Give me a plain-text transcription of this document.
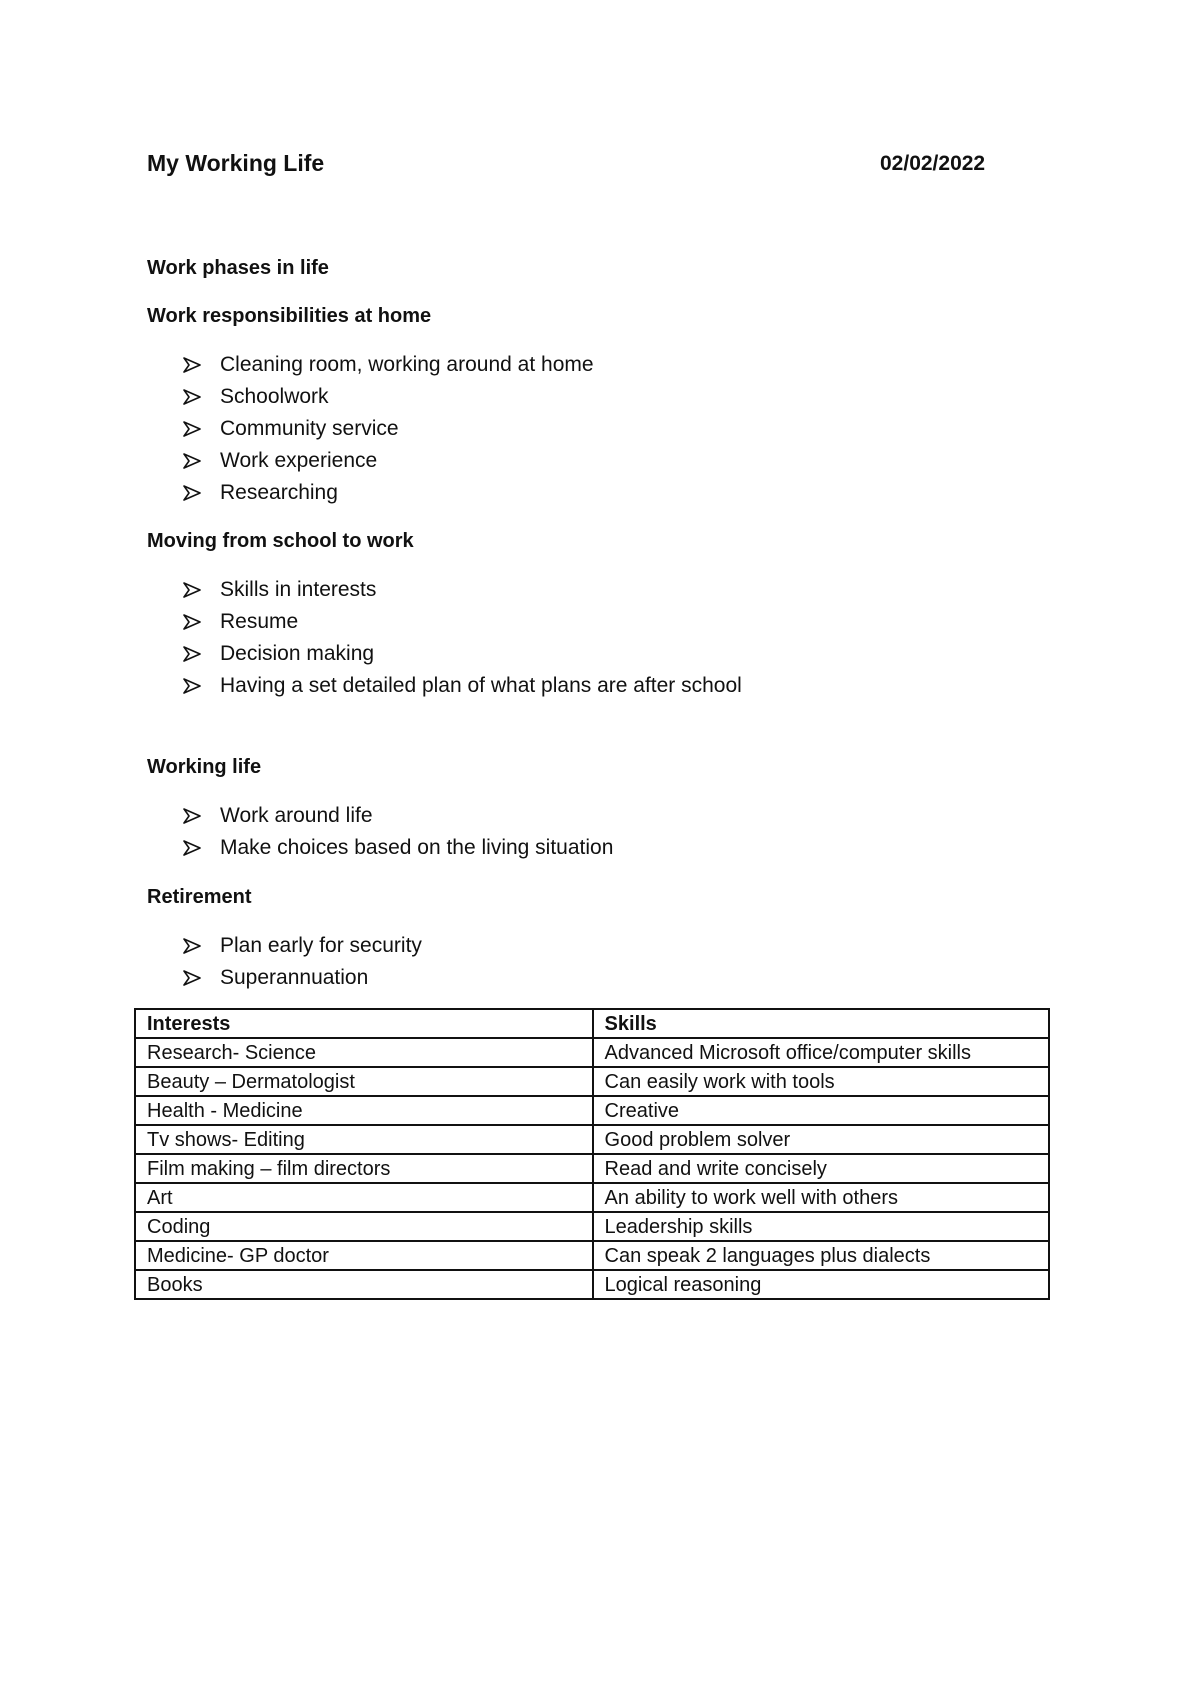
My Working Life	02/02/2022
Work phases in life
Work responsibilities at home
Cleaning room, working around at home
Schoolwork
Community service
Work experience
Researching
Moving from school to work
Skills in interests
Resume
Decision making
Having a set detailed plan of what plans are after school
Working life
Work around life
Make choices based on the living situation
Retirement
Plan early for security
Superannuation
Interests	Skills
Research- Science	Advanced Microsoft office/computer skills
Beauty – Dermatologist	Can easily work with tools
Health - Medicine	Creative
Tv shows- Editing	Good problem solver
Film making – film directors	Read and write concisely
Art	An ability to work well with others
Coding	Leadership skills
Medicine- GP doctor	Can speak 2 languages plus dialects
Books	Logical reasoning
